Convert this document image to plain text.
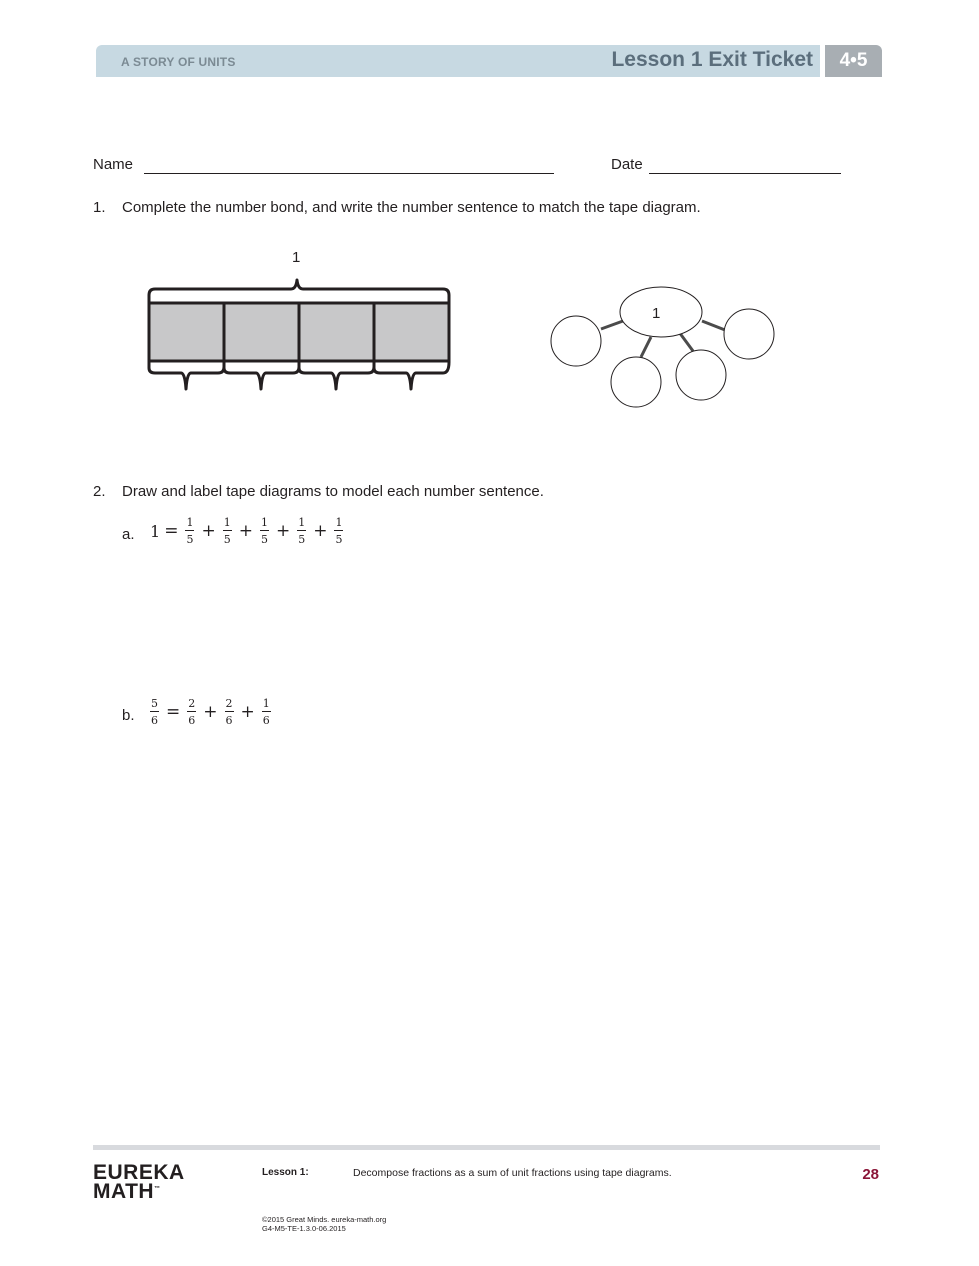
A STORY OF UNITS	Lesson 1 Exit Ticket	4•5
Name	Date
1. Complete the number bond, and write the number sentence to match the tape diagram.
1
1
2. Draw and label tape diagrams to model each number sentence.
a. $1 = \frac{1}{5} + \frac{1}{5} + \frac{1}{5} + \frac{1}{5} + \frac{1}{5}$
b. $\frac{5}{6} = \frac{2}{6} + \frac{2}{6} + \frac{1}{6}$
EUREKA
MATH™
Lesson 1:	Decompose fractions as a sum of unit fractions using tape diagrams.	28
©2015 Great Minds. eureka-math.org
G4-M5-TE-1.3.0-06.2015
